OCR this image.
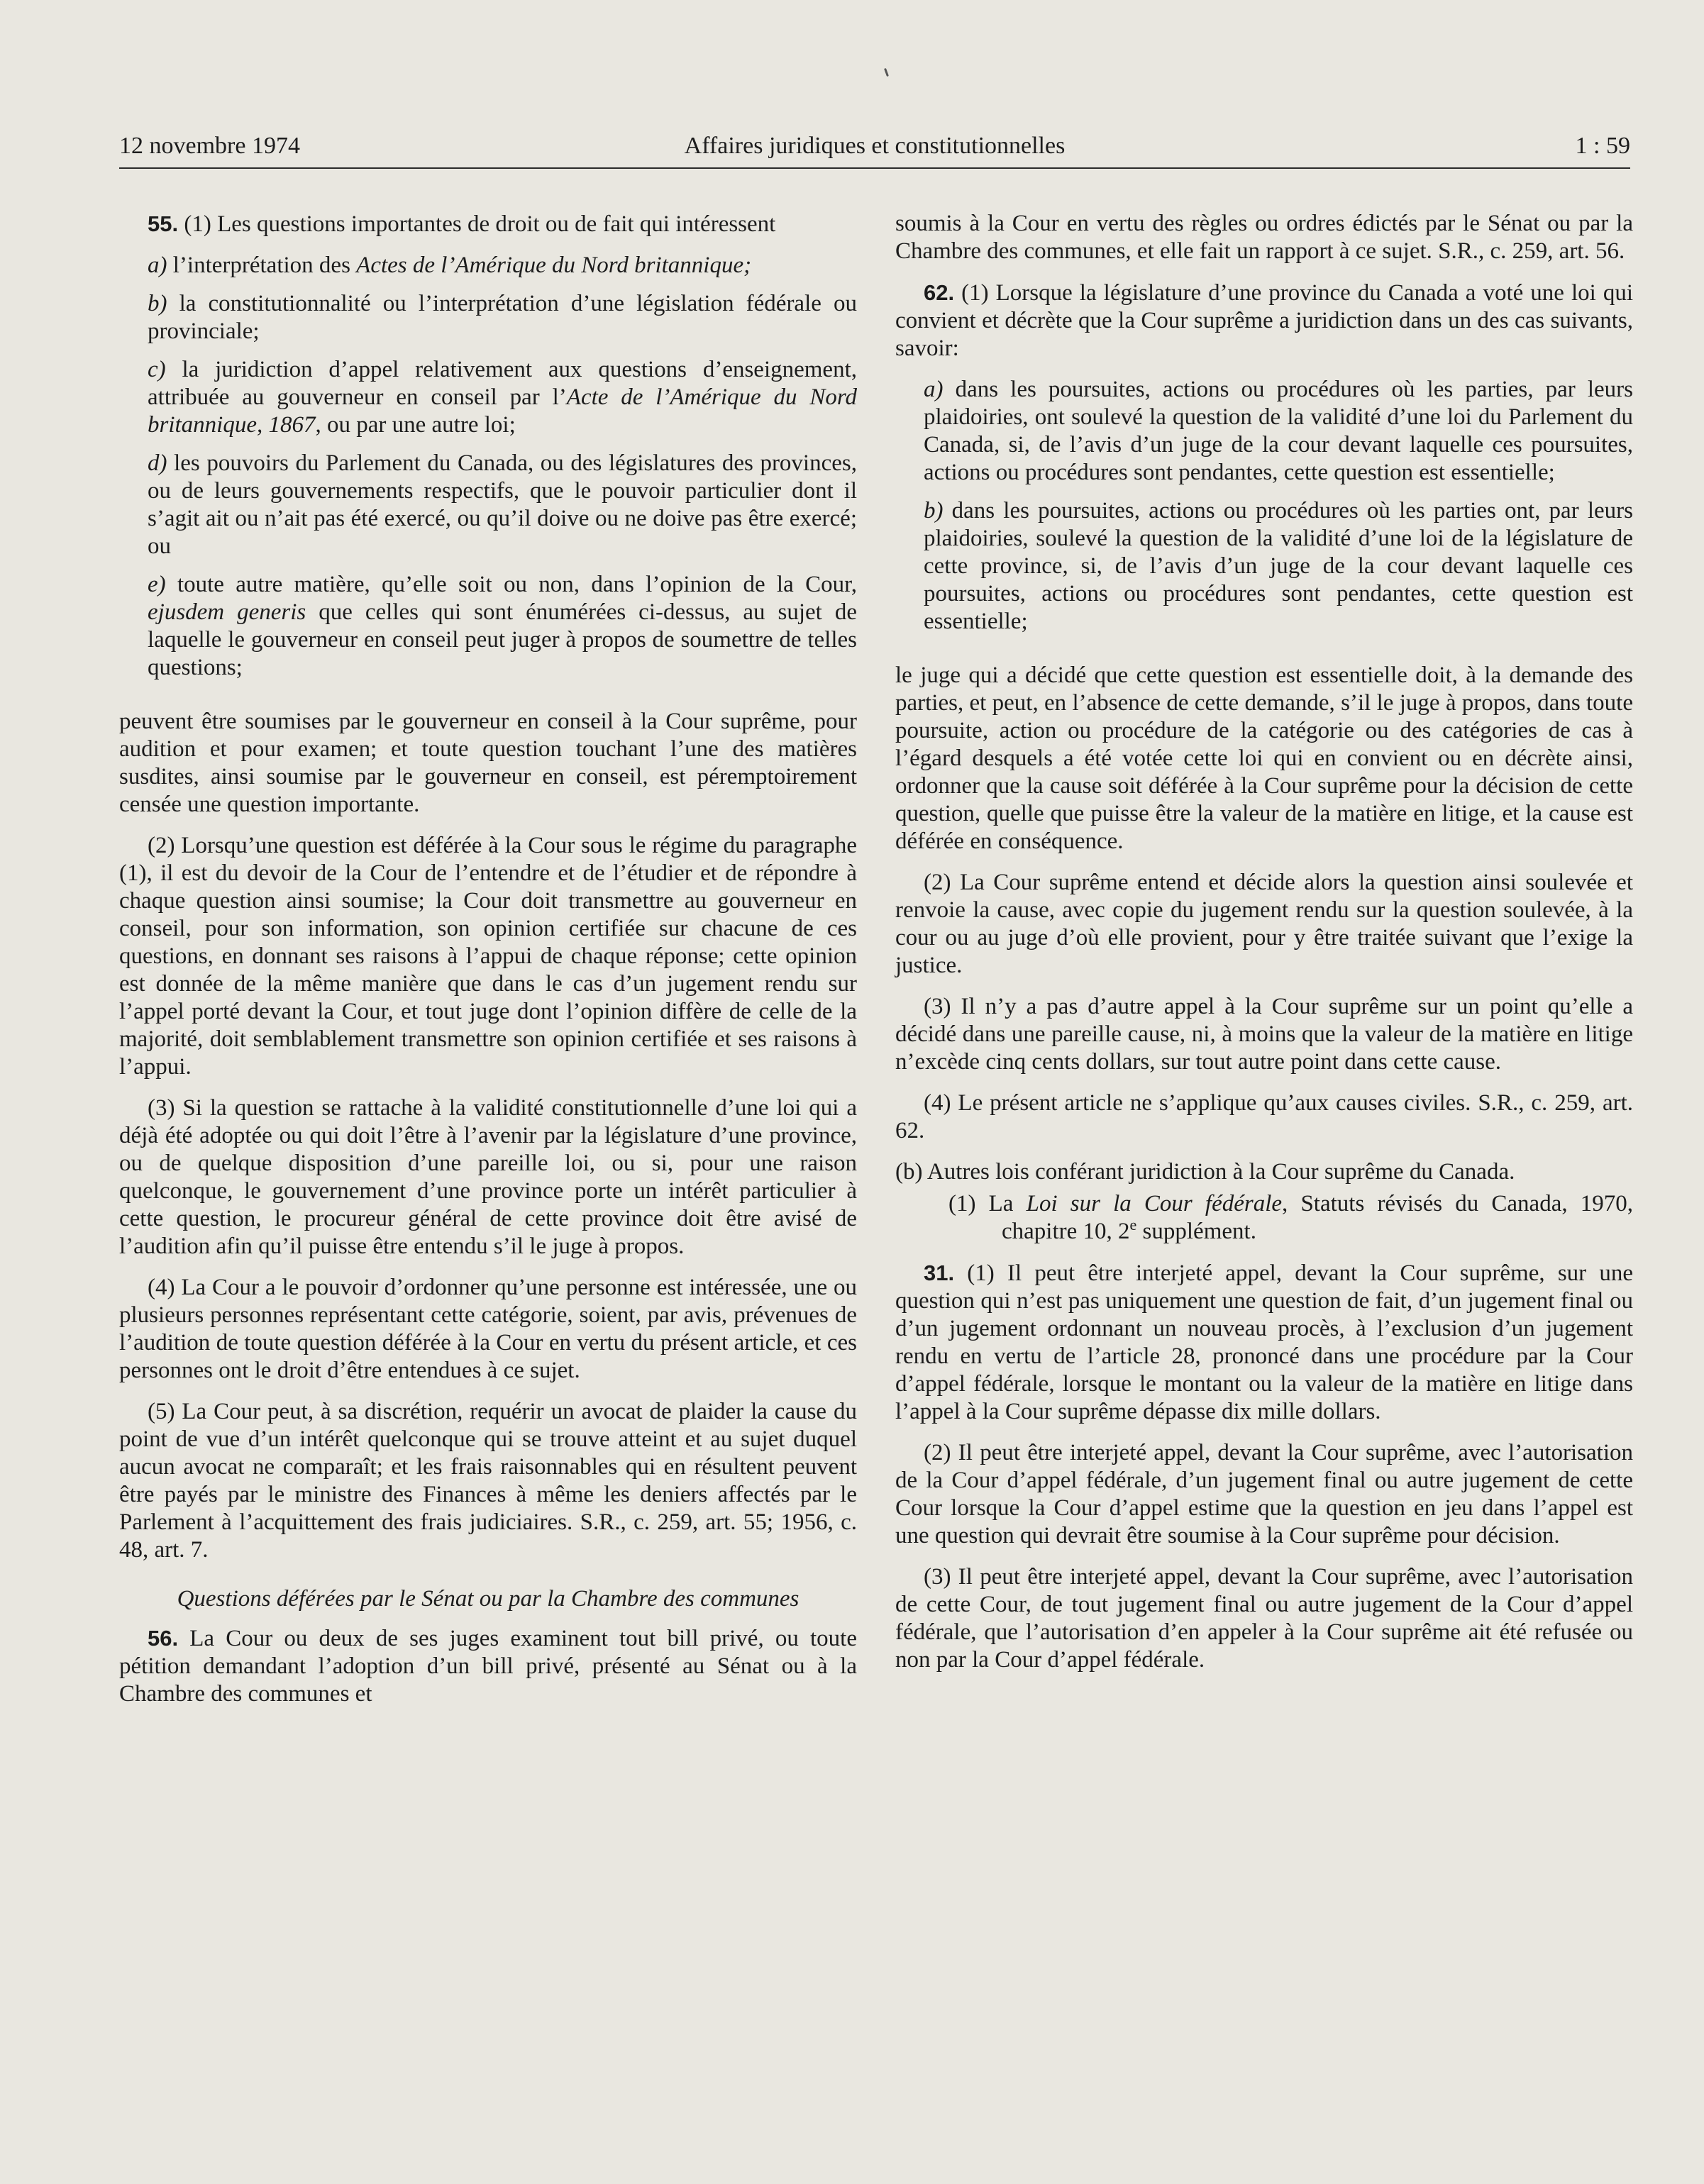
12 novembre 1974	Affaires juridiques et constitutionnelles	1 : 59

55. (1) Les questions importantes de droit ou de fait qui intéressent

a) l’interprétation des Actes de l’Amérique du Nord britannique;

b) la constitutionnalité ou l’interprétation d’une législation fédérale ou provinciale;

c) la juridiction d’appel relativement aux questions d’enseignement, attribuée au gouverneur en conseil par l’Acte de l’Amérique du Nord britannique, 1867, ou par une autre loi;

d) les pouvoirs du Parlement du Canada, ou des législatures des provinces, ou de leurs gouvernements respectifs, que le pouvoir particulier dont il s’agit ait ou n’ait pas été exercé, ou qu’il doive ou ne doive pas être exercé; ou

e) toute autre matière, qu’elle soit ou non, dans l’opinion de la Cour, ejusdem generis que celles qui sont énumérées ci-dessus, au sujet de laquelle le gouverneur en conseil peut juger à propos de soumettre de telles questions;

peuvent être soumises par le gouverneur en conseil à la Cour suprême, pour audition et pour examen; et toute question touchant l’une des matières susdites, ainsi soumise par le gouverneur en conseil, est péremptoirement censée une question importante.

(2) Lorsqu’une question est déférée à la Cour sous le régime du paragraphe (1), il est du devoir de la Cour de l’entendre et de l’étudier et de répondre à chaque question ainsi soumise; la Cour doit transmettre au gouverneur en conseil, pour son information, son opinion certifiée sur chacune de ces questions, en donnant ses raisons à l’appui de chaque réponse; cette opinion est donnée de la même manière que dans le cas d’un jugement rendu sur l’appel porté devant la Cour, et tout juge dont l’opinion diffère de celle de la majorité, doit semblablement transmettre son opinion certifiée et ses raisons à l’appui.

(3) Si la question se rattache à la validité constitutionnelle d’une loi qui a déjà été adoptée ou qui doit l’être à l’avenir par la législature d’une province, ou de quelque disposition d’une pareille loi, ou si, pour une raison quelconque, le gouvernement d’une province porte un intérêt particulier à cette question, le procureur général de cette province doit être avisé de l’audition afin qu’il puisse être entendu s’il le juge à propos.

(4) La Cour a le pouvoir d’ordonner qu’une personne est intéressée, une ou plusieurs personnes représentant cette catégorie, soient, par avis, prévenues de l’audition de toute question déférée à la Cour en vertu du présent article, et ces personnes ont le droit d’être entendues à ce sujet.

(5) La Cour peut, à sa discrétion, requérir un avocat de plaider la cause du point de vue d’un intérêt quelconque qui se trouve atteint et au sujet duquel aucun avocat ne comparaît; et les frais raisonnables qui en résultent peuvent être payés par le ministre des Finances à même les deniers affectés par le Parlement à l’acquittement des frais judiciaires. S.R., c. 259, art. 55; 1956, c. 48, art. 7.

Questions déférées par le Sénat ou par la Chambre des communes

56. La Cour ou deux de ses juges examinent tout bill privé, ou toute pétition demandant l’adoption d’un bill privé, présenté au Sénat ou à la Chambre des communes et

soumis à la Cour en vertu des règles ou ordres édictés par le Sénat ou par la Chambre des communes, et elle fait un rapport à ce sujet. S.R., c. 259, art. 56.

62. (1) Lorsque la législature d’une province du Canada a voté une loi qui convient et décrète que la Cour suprême a juridiction dans un des cas suivants, savoir:

a) dans les poursuites, actions ou procédures où les parties, par leurs plaidoiries, ont soulevé la question de la validité d’une loi du Parlement du Canada, si, de l’avis d’un juge de la cour devant laquelle ces poursuites, actions ou procédures sont pendantes, cette question est essentielle;

b) dans les poursuites, actions ou procédures où les parties ont, par leurs plaidoiries, soulevé la question de la validité d’une loi de la législature de cette province, si, de l’avis d’un juge de la cour devant laquelle ces poursuites, actions ou procédures sont pendantes, cette question est essentielle;

le juge qui a décidé que cette question est essentielle doit, à la demande des parties, et peut, en l’absence de cette demande, s’il le juge à propos, dans toute poursuite, action ou procédure de la catégorie ou des catégories de cas à l’égard desquels a été votée cette loi qui en convient ou en décrète ainsi, ordonner que la cause soit déférée à la Cour suprême pour la décision de cette question, quelle que puisse être la valeur de la matière en litige, et la cause est déférée en conséquence.

(2) La Cour suprême entend et décide alors la question ainsi soulevée et renvoie la cause, avec copie du jugement rendu sur la question soulevée, à la cour ou au juge d’où elle provient, pour y être traitée suivant que l’exige la justice.

(3) Il n’y a pas d’autre appel à la Cour suprême sur un point qu’elle a décidé dans une pareille cause, ni, à moins que la valeur de la matière en litige n’excède cinq cents dollars, sur tout autre point dans cette cause.

(4) Le présent article ne s’applique qu’aux causes civiles. S.R., c. 259, art. 62.

(b) Autres lois conférant juridiction à la Cour suprême du Canada.

(1) La Loi sur la Cour fédérale, Statuts révisés du Canada, 1970, chapitre 10, 2e supplément.

31. (1) Il peut être interjeté appel, devant la Cour suprême, sur une question qui n’est pas uniquement une question de fait, d’un jugement final ou d’un jugement ordonnant un nouveau procès, à l’exclusion d’un jugement rendu en vertu de l’article 28, prononcé dans une procédure par la Cour d’appel fédérale, lorsque le montant ou la valeur de la matière en litige dans l’appel à la Cour suprême dépasse dix mille dollars.

(2) Il peut être interjeté appel, devant la Cour suprême, avec l’autorisation de la Cour d’appel fédérale, d’un jugement final ou autre jugement de cette Cour lorsque la Cour d’appel estime que la question en jeu dans l’appel est une question qui devrait être soumise à la Cour suprême pour décision.

(3) Il peut être interjeté appel, devant la Cour suprême, avec l’autorisation de cette Cour, de tout jugement final ou autre jugement de la Cour d’appel fédérale, que l’autorisation d’en appeler à la Cour suprême ait été refusée ou non par la Cour d’appel fédérale.
